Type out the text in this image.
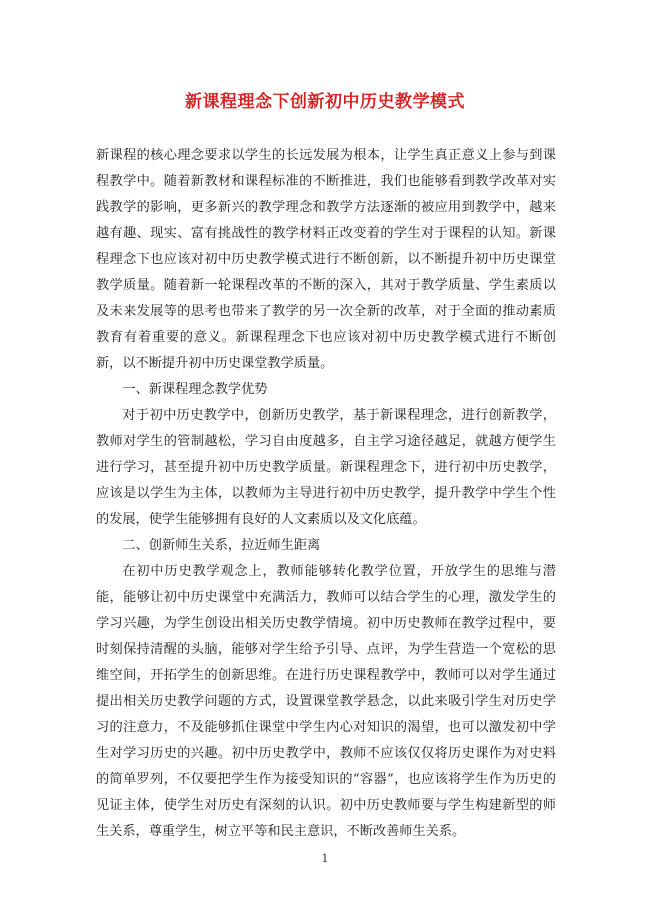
新课程理念下创新初中历史教学模式

新课程的核心理念要求以学生的长远发展为根本，让学生真正意义上参与到课程教学中。随着新教材和课程标准的不断推进，我们也能够看到教学改革对实践教学的影响，更多新兴的教学理念和教学方法逐渐的被应用到教学中，越来越有趣、现实、富有挑战性的教学材料正改变着的学生对于课程的认知。新课程理念下也应该对初中历史教学模式进行不断创新，以不断提升初中历史课堂教学质量。随着新一轮课程改革的不断的深入，其对于教学质量、学生素质以及未来发展等的思考也带来了教学的另一次全新的改革，对于全面的推动素质教育有着重要的意义。新课程理念下也应该对初中历史教学模式进行不断创新，以不断提升初中历史课堂教学质量。

一、新课程理念教学优势

对于初中历史教学中，创新历史教学，基于新课程理念，进行创新教学，教师对学生的管制越松，学习自由度越多，自主学习途径越足，就越方便学生进行学习，甚至提升初中历史教学质量。新课程理念下，进行初中历史教学，应该是以学生为主体，以教师为主导进行初中历史教学，提升教学中学生个性的发展，使学生能够拥有良好的人文素质以及文化底蕴。

二、创新师生关系，拉近师生距离

在初中历史教学观念上，教师能够转化教学位置，开放学生的思维与潜能，能够让初中历史课堂中充满活力，教师可以结合学生的心理，激发学生的学习兴趣，为学生创设出相关历史教学情境。初中历史教师在教学过程中，要时刻保持清醒的头脑，能够对学生给予引导、点评，为学生营造一个宽松的思维空间，开拓学生的创新思维。在进行历史课程教学中，教师可以对学生通过提出相关历史教学问题的方式，设置课堂教学悬念，以此来吸引学生对历史学习的注意力，不及能够抓住课堂中学生内心对知识的渴望，也可以激发初中学生对学习历史的兴趣。初中历史教学中，教师不应该仅仅将历史课作为对史料的简单罗列，不仅要把学生作为接受知识的“容器”，也应该将学生作为历史的见证主体，使学生对历史有深刻的认识。初中历史教师要与学生构建新型的师生关系，尊重学生，树立平等和民主意识，不断改善师生关系。

1
